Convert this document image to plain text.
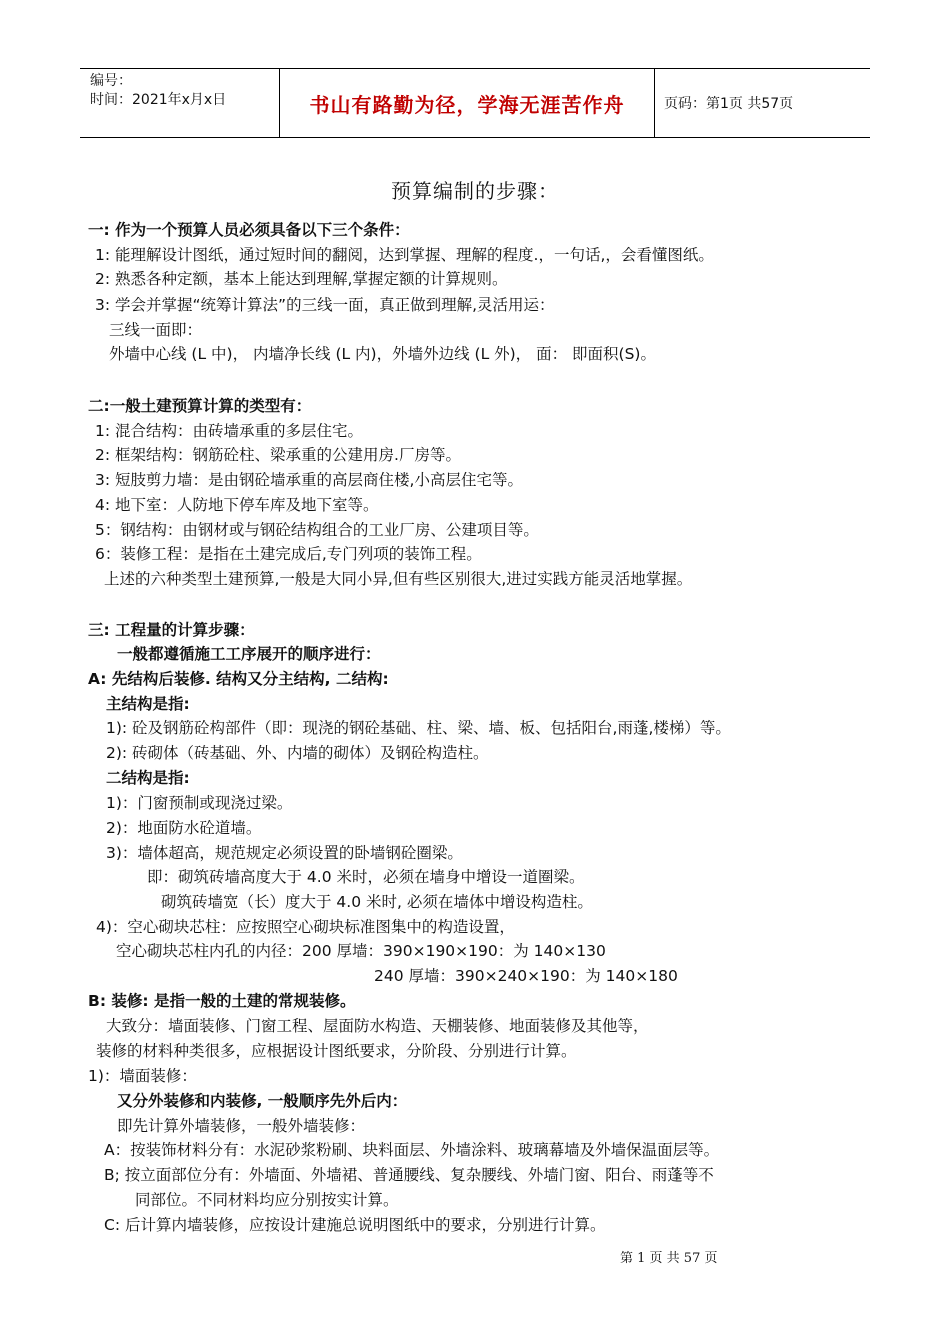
编号：
时间：2021年x月x日	书山有路勤为径，学海无涯苦作舟	页码：第1页 共57页
预算编制的步骤：
一: 作为一个预算人员必须具备以下三个条件：
1: 能理解设计图纸，通过短时间的翻阅，达到掌握、理解的程度.，一句话,，会看懂图纸。
2: 熟悉各种定额，基本上能达到理解,掌握定额的计算规则。
3: 学会并掌握“统筹计算法”的三线一面，真正做到理解,灵活用运：
三线一面即：
外墙中心线 (L 中)， 内墙净长线 (L 内)，外墙外边线 (L 外)， 面： 即面积(S)。
二:一般土建预算计算的类型有：
1: 混合结构：由砖墙承重的多层住宅。
2: 框架结构：钢筋砼柱、梁承重的公建用房.厂房等。
3: 短肢剪力墙：是由钢砼墙承重的高层商住楼,小高层住宅等。
4: 地下室：人防地下停车库及地下室等。
5：钢结构：由钢材或与钢砼结构组合的工业厂房、公建项目等。
6：装修工程：是指在土建完成后,专门列项的装饰工程。
上述的六种类型土建预算,一般是大同小异,但有些区别很大,进过实践方能灵活地掌握。
三: 工程量的计算步骤：
一般都遵循施工工序展开的顺序进行：
A: 先结构后装修. 结构又分主结构, 二结构:
主结构是指:
1): 砼及钢筋砼构部件（即：现浇的钢砼基础、柱、梁、墙、板、包括阳台,雨蓬,楼梯）等。
2): 砖砌体（砖基础、外、内墙的砌体）及钢砼构造柱。
二结构是指:
1)：门窗预制或现浇过梁。
2)：地面防水砼道墙。
3)：墙体超高，规范规定必须设置的卧墙钢砼圈梁。
即：砌筑砖墙高度大于 4.0 米时，必须在墙身中增设一道圈梁。
砌筑砖墙宽（长）度大于 4.0 米时, 必须在墙体中增设构造柱。
4)：空心砌块芯柱：应按照空心砌块标准图集中的构造设置，
空心砌块芯柱内孔的内径：200 厚墙：390×190×190：为 140×130
240 厚墙：390×240×190：为 140×180
B: 装修: 是指一般的土建的常规装修。
大致分：墙面装修、门窗工程、屋面防水构造、天棚装修、地面装修及其他等，
装修的材料种类很多，应根据设计图纸要求，分阶段、分别进行计算。
1)：墙面装修：
又分外装修和内装修, 一般顺序先外后内：
即先计算外墙装修，一般外墙装修：
A：按装饰材料分有：水泥砂浆粉刷、块料面层、外墙涂料、玻璃幕墙及外墙保温面层等。
B; 按立面部位分有：外墙面、外墙裙、普通腰线、复杂腰线、外墙门窗、阳台、雨蓬等不
同部位。不同材料均应分别按实计算。
C: 后计算内墙装修，应按设计建施总说明图纸中的要求，分别进行计算。
第 1 页 共 57 页
